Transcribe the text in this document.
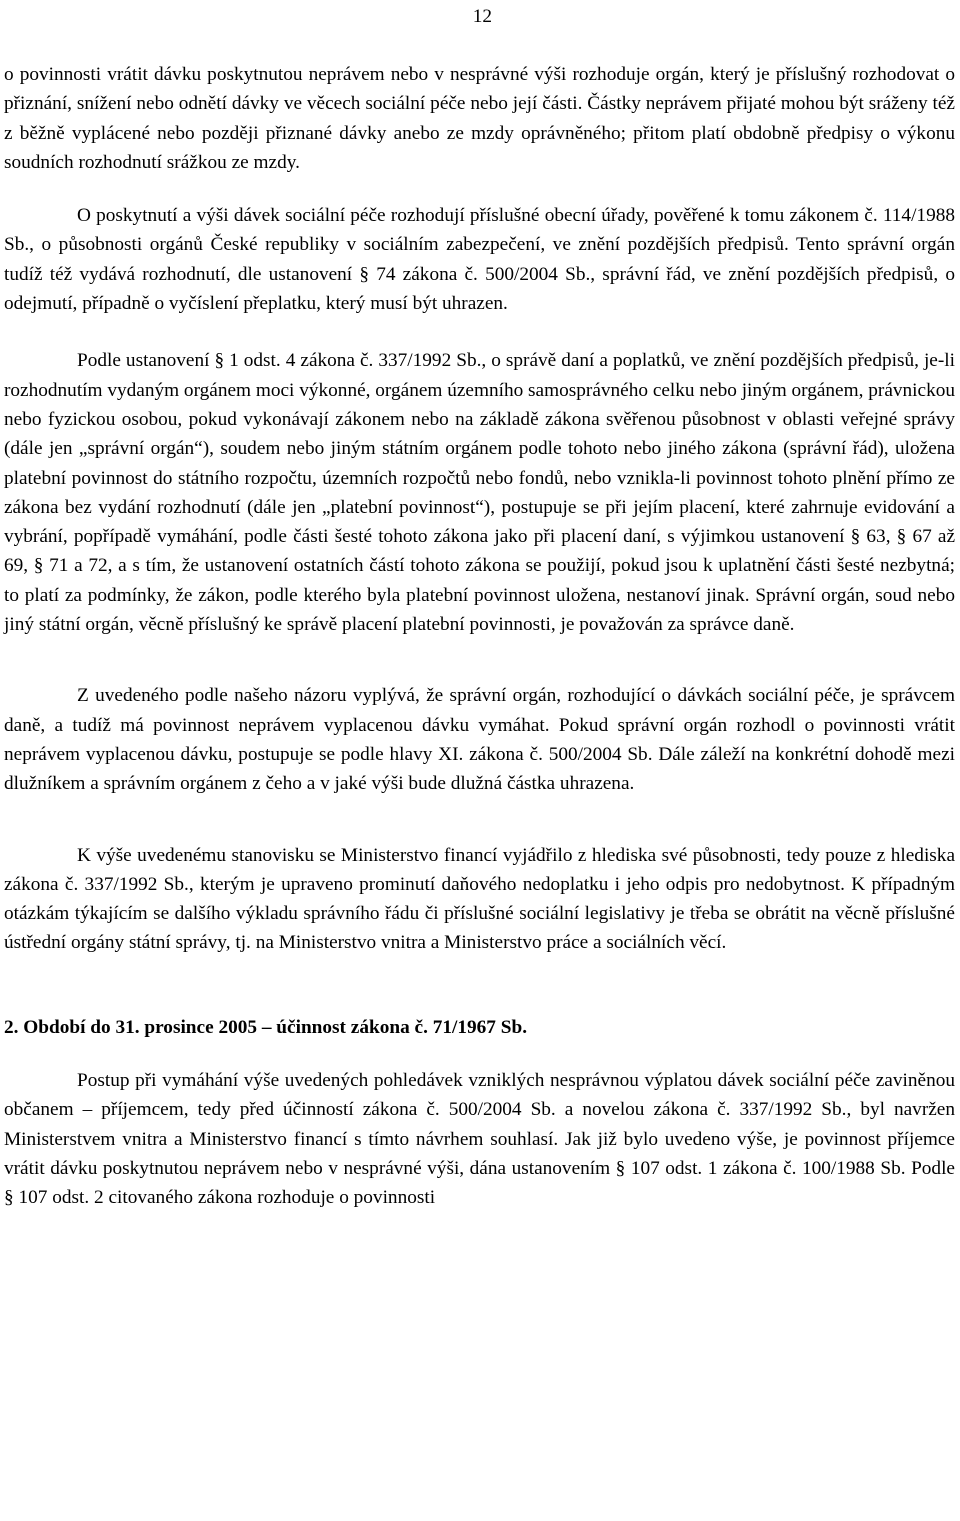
12

o povinnosti vrátit dávku poskytnutou neprávem nebo v nesprávné výši rozhoduje orgán, který je příslušný rozhodovat o přiznání, snížení nebo odnětí dávky ve věcech sociální péče nebo její části. Částky neprávem přijaté mohou být sráženy též z běžně vyplácené nebo později přiznané dávky anebo ze mzdy oprávněného; přitom platí obdobně předpisy o výkonu soudních rozhodnutí srážkou ze mzdy.

O poskytnutí a výši dávek sociální péče rozhodují příslušné obecní úřady, pověřené k tomu zákonem č. 114/1988 Sb., o působnosti orgánů České republiky v sociálním zabezpečení, ve znění pozdějších předpisů. Tento správní orgán tudíž též vydává rozhodnutí, dle ustanovení § 74 zákona č. 500/2004 Sb., správní řád, ve znění pozdějších předpisů, o odejmutí, případně o vyčíslení přeplatku, který musí být uhrazen.

Podle ustanovení § 1 odst. 4 zákona č. 337/1992 Sb., o správě daní a poplatků, ve znění pozdějších předpisů, je-li rozhodnutím vydaným orgánem moci výkonné, orgánem územního samosprávného celku nebo jiným orgánem, právnickou nebo fyzickou osobou, pokud vykonávají zákonem nebo na základě zákona svěřenou působnost v oblasti veřejné správy (dále jen „správní orgán“), soudem nebo jiným státním orgánem podle tohoto nebo jiného zákona (správní řád), uložena platební povinnost do státního rozpočtu, územních rozpočtů nebo fondů, nebo vznikla-li povinnost tohoto plnění přímo ze zákona bez vydání rozhodnutí (dále jen „platební povinnost“), postupuje se při jejím placení, které zahrnuje evidování a vybrání, popřípadě vymáhání, podle části šesté tohoto zákona jako při placení daní, s výjimkou ustanovení § 63, § 67 až 69, § 71 a 72, a s tím, že ustanovení ostatních částí tohoto zákona se použijí, pokud jsou k uplatnění části šesté nezbytná; to platí za podmínky, že zákon, podle kterého byla platební povinnost uložena, nestanoví jinak. Správní orgán, soud nebo jiný státní orgán, věcně příslušný ke správě placení platební povinnosti, je považován za správce daně.

Z uvedeného podle našeho názoru vyplývá, že správní orgán, rozhodující o dávkách sociální péče, je správcem daně, a tudíž má povinnost neprávem vyplacenou dávku vymáhat. Pokud správní orgán rozhodl o povinnosti vrátit neprávem vyplacenou dávku, postupuje se podle hlavy XI. zákona č. 500/2004 Sb. Dále záleží na konkrétní dohodě mezi dlužníkem a správním orgánem z čeho a v jaké výši bude dlužná částka uhrazena.

K výše uvedenému stanovisku se Ministerstvo financí vyjádřilo z hlediska své působnosti, tedy pouze z hlediska zákona č. 337/1992 Sb., kterým je upraveno prominutí daňového nedoplatku i jeho odpis pro nedobytnost. K případným otázkám týkajícím se dalšího výkladu správního řádu či příslušné sociální legislativy je třeba se obrátit na věcně příslušné ústřední orgány státní správy, tj. na Ministerstvo vnitra a Ministerstvo práce a sociálních věcí.

2. Období do 31. prosince 2005 – účinnost zákona č. 71/1967 Sb.

Postup při vymáhání výše uvedených pohledávek vzniklých nesprávnou výplatou dávek sociální péče zaviněnou občanem – příjemcem, tedy před účinností zákona č. 500/2004 Sb. a novelou zákona č. 337/1992 Sb., byl navržen Ministerstvem vnitra a Ministerstvo financí s tímto návrhem souhlasí. Jak již bylo uvedeno výše, je povinnost příjemce vrátit dávku poskytnutou neprávem nebo v nesprávné výši, dána ustanovením § 107 odst. 1 zákona č. 100/1988 Sb. Podle § 107 odst. 2 citovaného zákona rozhoduje o povinnosti
